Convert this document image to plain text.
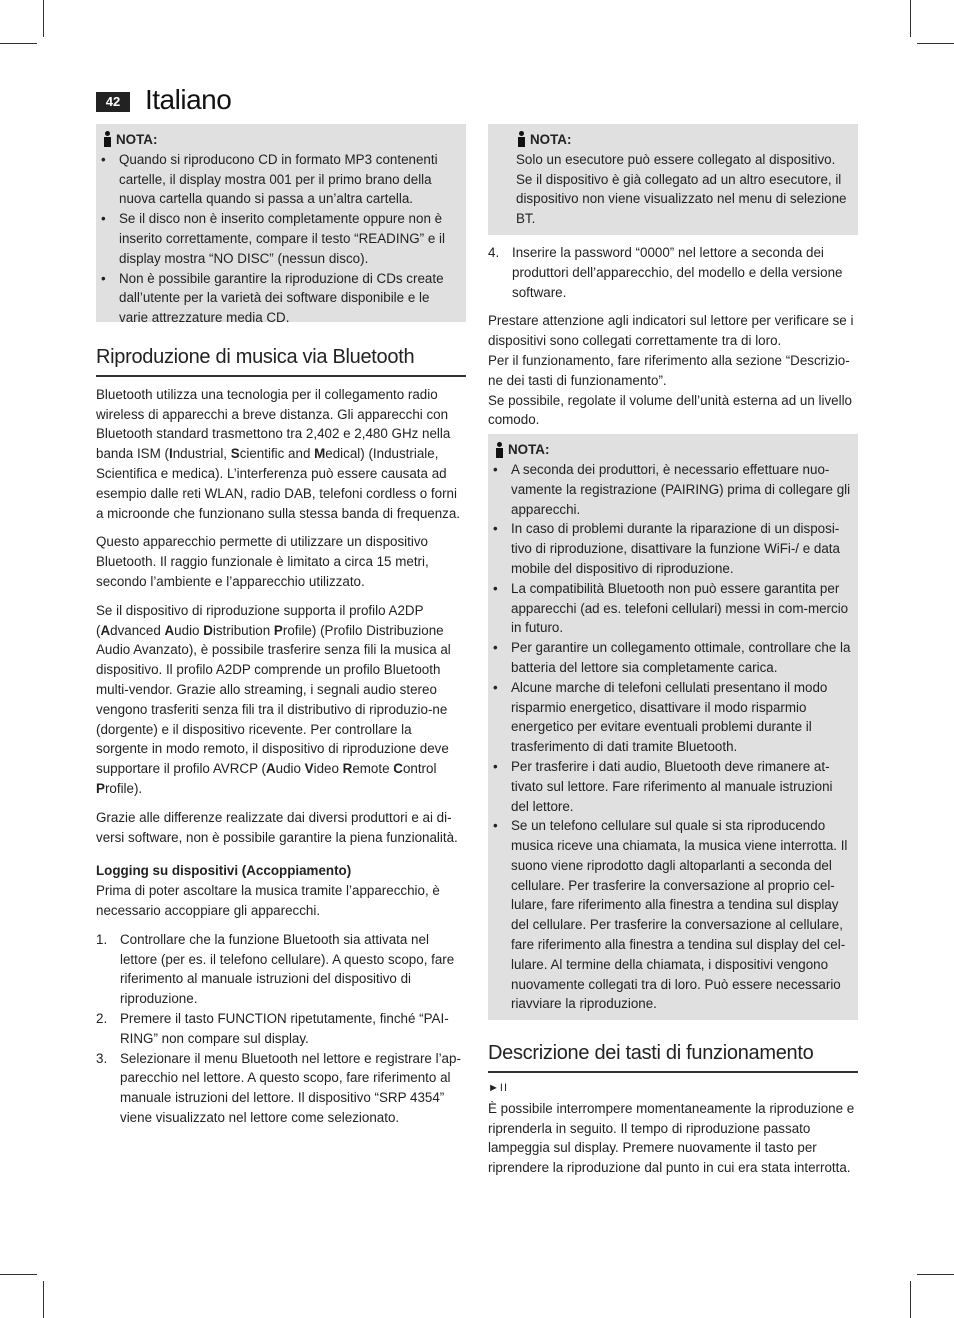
42 Italiano
NOTA:
• Quando si riproducono CD in formato MP3 contenenti cartelle, il display mostra 001 per il primo brano della nuova cartella quando si passa a un’altra cartella.
• Se il disco non è inserito completamente oppure non è inserito correttamente, compare il testo “READING” e il display mostra “NO DISC” (nessun disco).
• Non è possibile garantire la riproduzione di CDs create dall’utente per la varietà dei software disponibile e le varie attrezzature media CD.
Riproduzione di musica via Bluetooth

Bluetooth utilizza una tecnologia per il collegamento radio wireless di apparecchi a breve distanza. Gli apparecchi con Bluetooth standard trasmettono tra 2,402 e 2,480 GHz nella banda ISM (Industrial, Scientific and Medical) (Industriale, Scientifica e medica). L’interferenza può essere causata ad esempio dalle reti WLAN, radio DAB, telefoni cordless o forni a microonde che funzionano sulla stessa banda di frequenza.

Questo apparecchio permette di utilizzare un dispositivo Bluetooth. Il raggio funzionale è limitato a circa 15 metri, secondo l’ambiente e l’apparecchio utilizzato.

Se il dispositivo di riproduzione supporta il profilo A2DP (Advanced Audio Distribution Profile) (Profilo Distribuzione Audio Avanzato), è possibile trasferire senza fili la musica al dispositivo. Il profilo A2DP comprende un profilo Bluetooth multi-vendor. Grazie allo streaming, i segnali audio stereo vengono trasferiti senza fili tra il distributivo di riproduzio-ne (dorgente) e il dispositivo ricevente. Per controllare la sorgente in modo remoto, il dispositivo di riproduzione deve supportare il profilo AVRCP (Audio Video Remote Control Profile).

Grazie alle differenze realizzate dai diversi produttori e ai di-versi software, non è possibile garantire la piena funzionalità.

Logging su dispositivi (Accoppiamento)

Prima di poter ascoltare la musica tramite l’apparecchio, è necessario accoppiare gli apparecchi.

1. Controllare che la funzione Bluetooth sia attivata nel lettore (per es. il telefono cellulare). A questo scopo, fare riferimento al manuale istruzioni del dispositivo di riproduzione.
2. Premere il tasto FUNCTION ripetutamente, finché “PAI-RING” non compare sul display.
3. Selezionare il menu Bluetooth nel lettore e registrare l’ap-parecchio nel lettore. A questo scopo, fare riferimento al manuale istruzioni del lettore. Il dispositivo “SRP 4354” viene visualizzato nel lettore come selezionato.
NOTA:

Solo un esecutore può essere collegato al dispositivo. Se il dispositivo è già collegato ad un altro esecutore, il dispositivo non viene visualizzato nel menu di selezione BT.

4. Inserire la password “0000” nel lettore a seconda dei produttori dell’apparecchio, del modello e della versione software.

Prestare attenzione agli indicatori sul lettore per verificare se i dispositivi sono collegati correttamente tra di loro.

Per il funzionamento, fare riferimento alla sezione “Descrizio-ne dei tasti di funzionamento”.

Se possibile, regolate il volume dell’unità esterna ad un livello comodo.

NOTA:
• A seconda dei produttori, è necessario effettuare nuo-vamente la registrazione (PAIRING) prima di collegare gli apparecchi.
• In caso di problemi durante la riparazione di un disposi-tivo di riproduzione, disattivare la funzione WiFi-/ e data mobile del dispositivo di riproduzione.
• La compatibilità Bluetooth non può essere garantita per apparecchi (ad es. telefoni cellulari) messi in com-mercio in futuro.
• Per garantire un collegamento ottimale, controllare che la batteria del lettore sia completamente carica.
• Alcune marche di telefoni cellulati presentano il modo risparmio energetico, disattivare il modo risparmio energetico per evitare eventuali problemi durante il trasferimento di dati tramite Bluetooth.
• Per trasferire i dati audio, Bluetooth deve rimanere at-tivato sul lettore. Fare riferimento al manuale istruzioni del lettore.
• Se un telefono cellulare sul quale si sta riproducendo musica riceve una chiamata, la musica viene interrotta. Il suono viene riprodotto dagli altoparlanti a seconda del cellulare. Per trasferire la conversazione al proprio cel-lulare, fare riferimento alla finestra a tendina sul display del cellulare. Per trasferire la conversazione al cellulare, fare riferimento alla finestra a tendina sul display del cel-lulare. Al termine della chiamata, i dispositivi vengono nuovamente collegati tra di loro. Può essere necessario riavviare la riproduzione.
Descrizione dei tasti di funzionamento

►II

È possibile interrompere momentaneamente la riproduzione e riprenderla in seguito. Il tempo di riproduzione passato lampeggia sul display. Premere nuovamente il tasto per riprendere la riproduzione dal punto in cui era stata interrotta.
